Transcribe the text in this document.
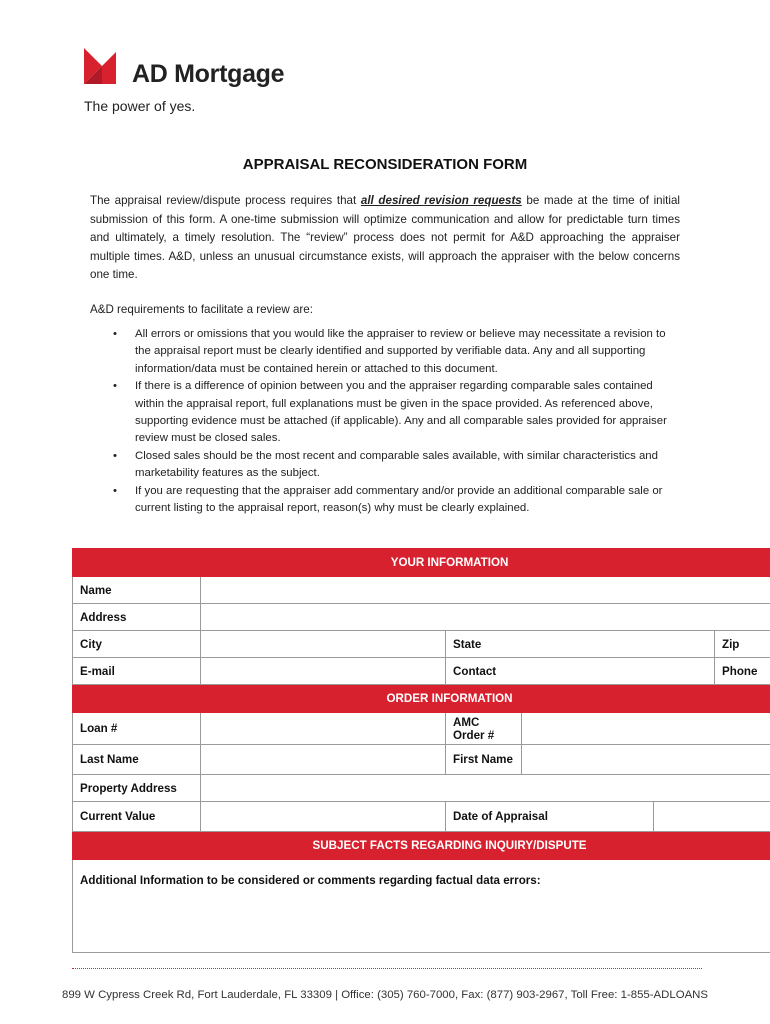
AD Mortgage
The power of yes.
APPRAISAL RECONSIDERATION FORM

The appraisal review/dispute process requires that all desired revision requests be made at the time of initial submission of this form. A one-time submission will optimize communication and allow for predictable turn times and ultimately, a timely resolution. The “review” process does not permit for A&D approaching the appraiser multiple times. A&D, unless an unusual circumstance exists, will approach the appraiser with the below concerns one time.

A&D requirements to facilitate a review are:
• All errors or omissions that you would like the appraiser to review or believe may necessitate a revision to the appraisal report must be clearly identified and supported by verifiable data. Any and all supporting information/data must be contained herein or attached to this document.
• If there is a difference of opinion between you and the appraiser regarding comparable sales contained within the appraisal report, full explanations must be given in the space provided. As referenced above, supporting evidence must be attached (if applicable). Any and all comparable sales provided for appraiser review must be closed sales.
• Closed sales should be the most recent and comparable sales available, with similar characteristics and marketability features as the subject.
• If you are requesting that the appraiser add commentary and/or provide an additional comparable sale or current listing to the appraisal report, reason(s) why must be clearly explained.
YOUR INFORMATION					
Name					
Address					
City		State			Zip
E-mail		Contact			Phone
ORDER INFORMATION					
Loan #		AMC Order #			
Last Name		First Name			
Property Address					
Current Value		Date of Appraisal			
SUBJECT FACTS REGARDING INQUIRY/DISPUTE					
Additional Information to be considered or comments regarding factual data errors:					
899 W Cypress Creek Rd, Fort Lauderdale, FL 33309 | Office: (305) 760-7000, Fax: (877) 903-2967, Toll Free: 1-855-ADLOANS
